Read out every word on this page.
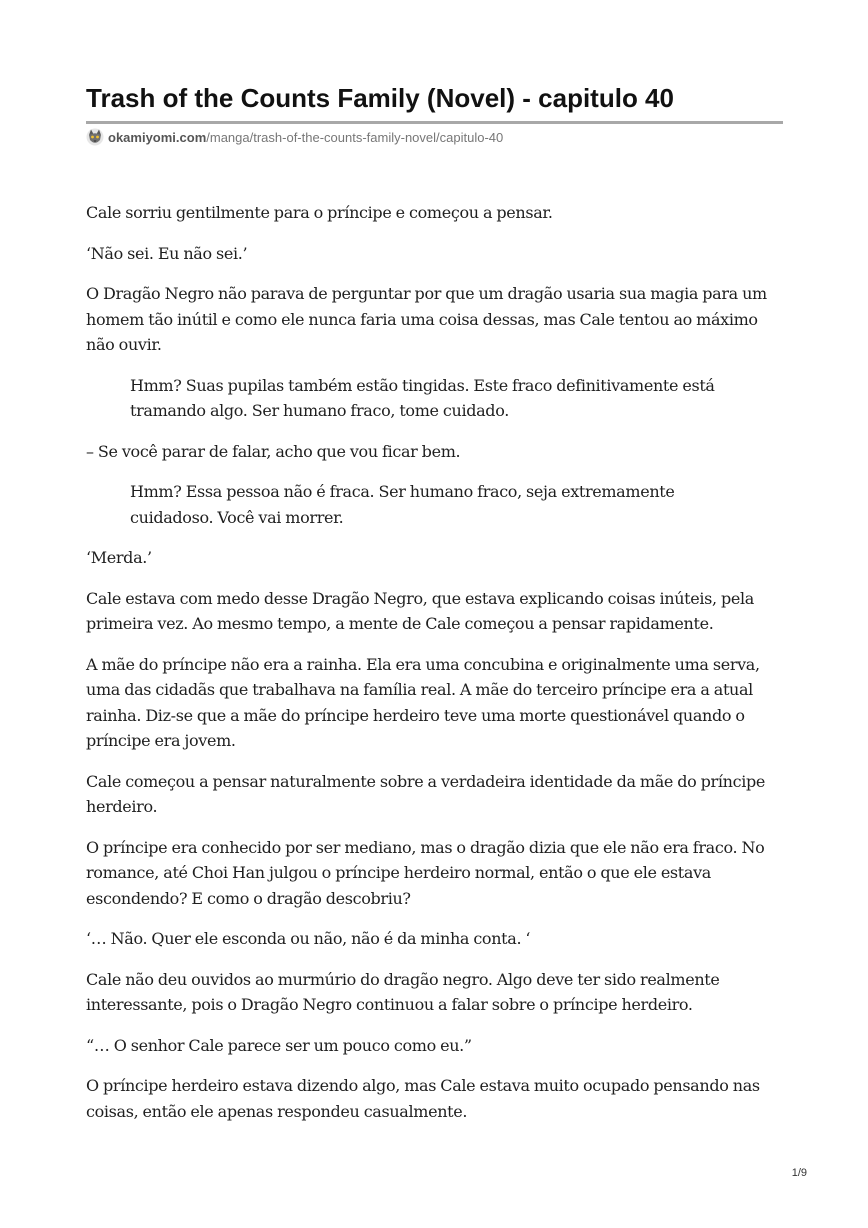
Trash of the Counts Family (Novel) - capitulo 40
okamiyomi.com /manga/trash-of-the-counts-family-novel/capitulo-40

Cale sorriu gentilmente para o príncipe e começou a pensar.

‘Não sei. Eu não sei.’

O Dragão Negro não parava de perguntar por que um dragão usaria sua magia para um homem tão inútil e como ele nunca faria uma coisa dessas, mas Cale tentou ao máximo não ouvir.

Hmm? Suas pupilas também estão tingidas. Este fraco definitivamente está tramando algo. Ser humano fraco, tome cuidado.

– Se você parar de falar, acho que vou ficar bem.

Hmm? Essa pessoa não é fraca. Ser humano fraco, seja extremamente cuidadoso. Você vai morrer.

‘Merda.’

Cale estava com medo desse Dragão Negro, que estava explicando coisas inúteis, pela primeira vez. Ao mesmo tempo, a mente de Cale começou a pensar rapidamente.

A mãe do príncipe não era a rainha. Ela era uma concubina e originalmente uma serva, uma das cidadãs que trabalhava na família real. A mãe do terceiro príncipe era a atual rainha. Diz-se que a mãe do príncipe herdeiro teve uma morte questionável quando o príncipe era jovem.

Cale começou a pensar naturalmente sobre a verdadeira identidade da mãe do príncipe herdeiro.

O príncipe era conhecido por ser mediano, mas o dragão dizia que ele não era fraco. No romance, até Choi Han julgou o príncipe herdeiro normal, então o que ele estava escondendo? E como o dragão descobriu?

‘… Não. Quer ele esconda ou não, não é da minha conta. ‘

Cale não deu ouvidos ao murmúrio do dragão negro. Algo deve ter sido realmente interessante, pois o Dragão Negro continuou a falar sobre o príncipe herdeiro.

“… O senhor Cale parece ser um pouco como eu.”

O príncipe herdeiro estava dizendo algo, mas Cale estava muito ocupado pensando nas coisas, então ele apenas respondeu casualmente.

1/9
